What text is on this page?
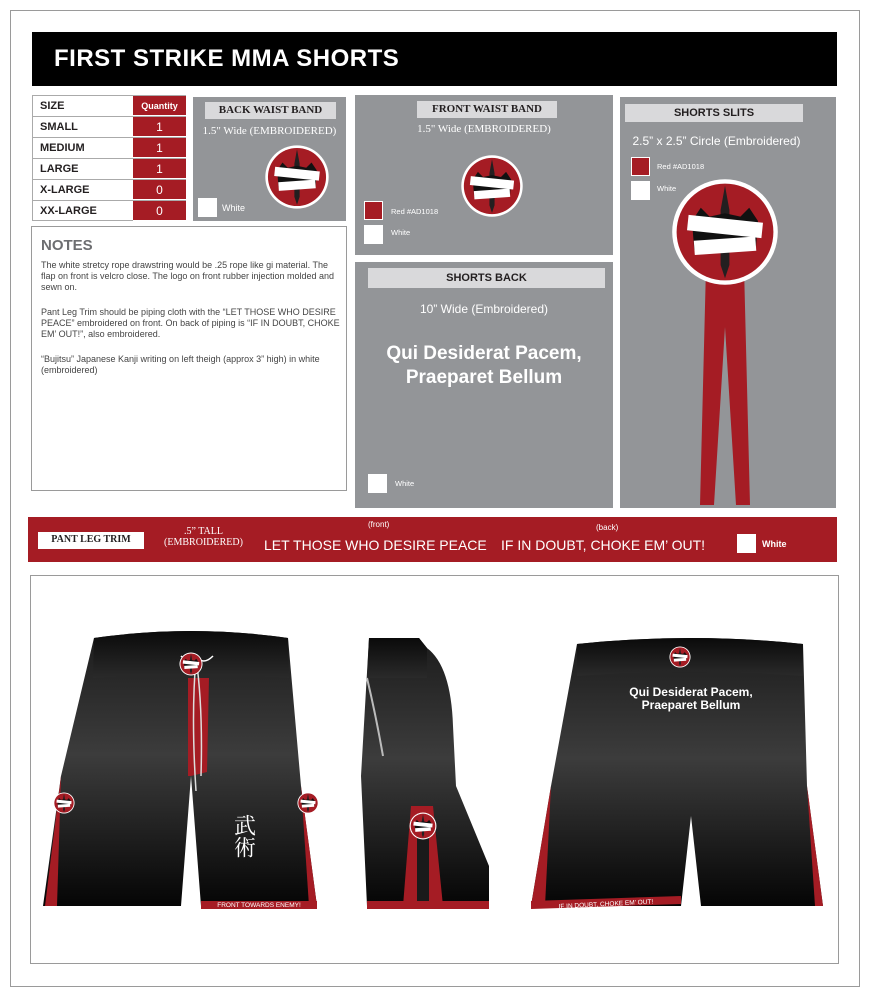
FIRST STRIKE MMA SHORTS
SIZE	Quantity
SMALL	1
MEDIUM	1
LARGE	1
X-LARGE	0
XX-LARGE	0
BACK WAIST BAND
1.5" Wide (EMBROIDERED)
White
FRONT WAIST BAND
1.5" Wide (EMBROIDERED)
Red #AD1018
White
SHORTS SLITS
2.5” x 2.5” Circle (Embroidered)
Red #AD1018
White
NOTES

The white stretcy rope drawstring would be .25 rope like gi material. The flap on front is velcro close. The logo on front rubber injection molded and sewn on.

Pant Leg Trim should be piping cloth with the “LET THOSE WHO DESIRE PEACE” embroidered on front. On back of piping is “IF IN DOUBT, CHOKE EM’ OUT!”, also embroidered.

“Bujitsu” Japanese Kanji writing on left theigh (approx 3” high) in white (embroidered)

SHORTS BACK
10” Wide (Embroidered)
Qui Desiderat Pacem,
Praeparet Bellum
White
PANT LEG TRIM
.5” TALL
(EMBROIDERED)
(front)
LET THOSE WHO DESIRE PEACE
(back)
IF IN DOUBT, CHOKE EM’ OUT!	White
FRONT TOWARDS ENEMY!
武術
Qui Desiderat Pacem,
Praeparet Bellum
IF IN DOUBT, CHOKE EM’ OUT!
